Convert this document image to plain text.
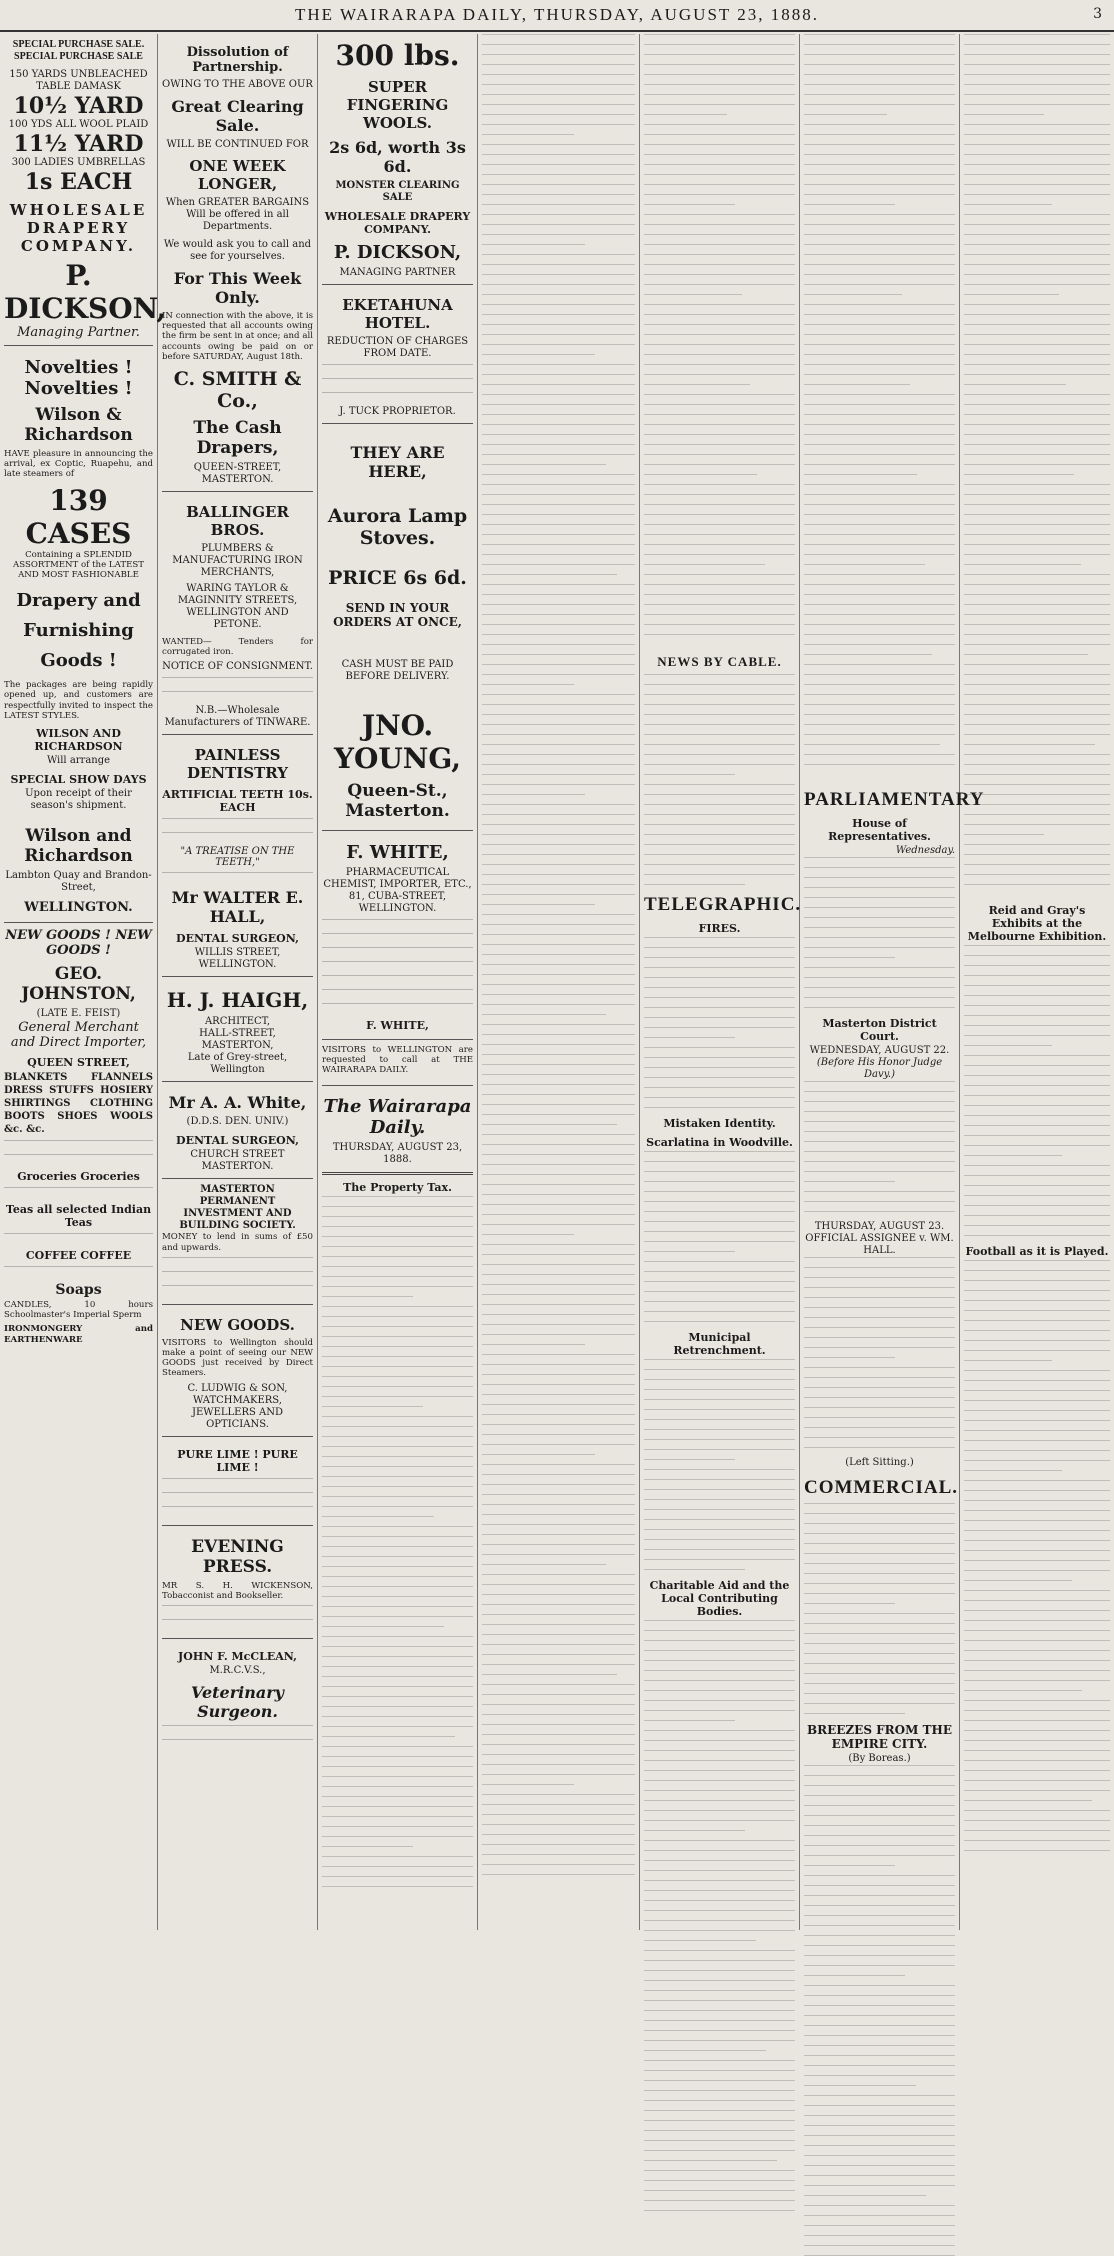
THE WAIRARAPA DAILY, THURSDAY, AUGUST 23, 1888.	3
SPECIAL PURCHASE SALE. SPECIAL PURCHASE SALE
150 YARDS UNBLEACHED TABLE DAMASK
10½ YARD
100 YDS ALL WOOL PLAID
11½ YARD
300 LADIES UMBRELLAS
1s EACH
WHOLESALE DRAPERY COMPANY.
P. DICKSON,
Managing Partner.
Novelties ! Novelties !
Wilson & Richardson

HAVE pleasure in announcing the arrival, ex Coptic, Ruapehu, and late steamers of

139 CASES

Containing a SPLENDID ASSORTMENT of the LATEST AND MOST FASHIONABLE

Drapery and Furnishing Goods !

The packages are being rapidly opened up, and customers are respectfully invited to inspect the LATEST STYLES.

WILSON AND RICHARDSON
Will arrange
SPECIAL SHOW DAYS
Upon receipt of their season's shipment.
Wilson and Richardson
Lambton Quay and Brandon-Street,
WELLINGTON.
NEW GOODS ! NEW GOODS !
GEO. JOHNSTON,
(LATE E. FEIST)
General Merchant and Direct Importer,
QUEEN STREET,

BLANKETS FLANNELS DRESS STUFFS HOSIERY SHIRTINGS CLOTHING BOOTS SHOES WOOLS &c. &c.

Groceries Groceries
Teas all selected Indian Teas
COFFEE COFFEE
Soaps

CANDLES, 10 hours Schoolmaster's Imperial Sperm

IRONMONGERY and EARTHENWARE

Dissolution of Partnership.
OWING TO THE ABOVE OUR
Great Clearing Sale.
WILL BE CONTINUED FOR
ONE WEEK LONGER,
When GREATER BARGAINS Will be offered in all Departments.
We would ask you to call and see for yourselves.
For This Week Only.

IN connection with the above, it is requested that all accounts owing the firm be sent in at once; and all accounts owing be paid on or before SATURDAY, August 18th.

C. SMITH & Co.,
The Cash Drapers,
QUEEN-STREET, MASTERTON.
BALLINGER BROS.
PLUMBERS & MANUFACTURING IRON MERCHANTS,
WARING TAYLOR & MAGINNITY STREETS, WELLINGTON AND PETONE.

WANTED— Tenders for corrugated iron.

NOTICE OF CONSIGNMENT.
N.B.—Wholesale Manufacturers of TINWARE.
PAINLESS DENTISTRY
ARTIFICIAL TEETH 10s. EACH
"A TREATISE ON THE TEETH,"
Mr WALTER E. HALL,
DENTAL SURGEON,
WILLIS STREET, WELLINGTON.
H. J. HAIGH,
ARCHITECT,
HALL-STREET, MASTERTON,
Late of Grey-street, Wellington
Mr A. A. White,
(D.D.S. DEN. UNIV.)
DENTAL SURGEON,
CHURCH STREET MASTERTON.
MASTERTON PERMANENT INVESTMENT AND BUILDING SOCIETY.

MONEY to lend in sums of £50 and upwards.

NEW GOODS.

VISITORS to Wellington should make a point of seeing our NEW GOODS just received by Direct Steamers.

C. LUDWIG & SON, WATCHMAKERS, JEWELLERS AND OPTICIANS.
PURE LIME ! PURE LIME !
EVENING PRESS.

MR S. H. WICKENSON, Tobacconist and Bookseller.

JOHN F. McCLEAN,
M.R.C.V.S.,
Veterinary Surgeon.
300 lbs.
SUPER FINGERING WOOLS.
2s 6d, worth 3s 6d.
MONSTER CLEARING SALE
WHOLESALE DRAPERY COMPANY.
P. DICKSON,
MANAGING PARTNER
EKETAHUNA HOTEL.
REDUCTION OF CHARGES FROM DATE.
J. TUCK PROPRIETOR.
THEY ARE HERE,
Aurora Lamp Stoves.
PRICE 6s 6d.
SEND IN YOUR ORDERS AT ONCE,
CASH MUST BE PAID BEFORE DELIVERY.
JNO. YOUNG,
Queen-St., Masterton.
F. WHITE,
PHARMACEUTICAL CHEMIST, IMPORTER, ETC.,
81, CUBA-STREET, WELLINGTON.
F. WHITE,

VISITORS to WELLINGTON are requested to call at THE WAIRARAPA DAILY.

The Wairarapa Daily.
THURSDAY, AUGUST 23, 1888.
The Property Tax.
NEWS BY CABLE.
TELEGRAPHIC.
FIRES.
Mistaken Identity.
Scarlatina in Woodville.
Municipal Retrenchment.
Charitable Aid and the Local Contributing Bodies.
PARLIAMENTARY
House of Representatives.
Wednesday.
Masterton District Court.
WEDNESDAY, AUGUST 22.
(Before His Honor Judge Davy.)
THURSDAY, AUGUST 23.
OFFICIAL ASSIGNEE v. WM. HALL.
(Left Sitting.)
COMMERCIAL.
BREEZES FROM THE EMPIRE CITY.
(By Boreas.)
Reid and Gray's Exhibits at the Melbourne Exhibition.
Football as it is Played.
